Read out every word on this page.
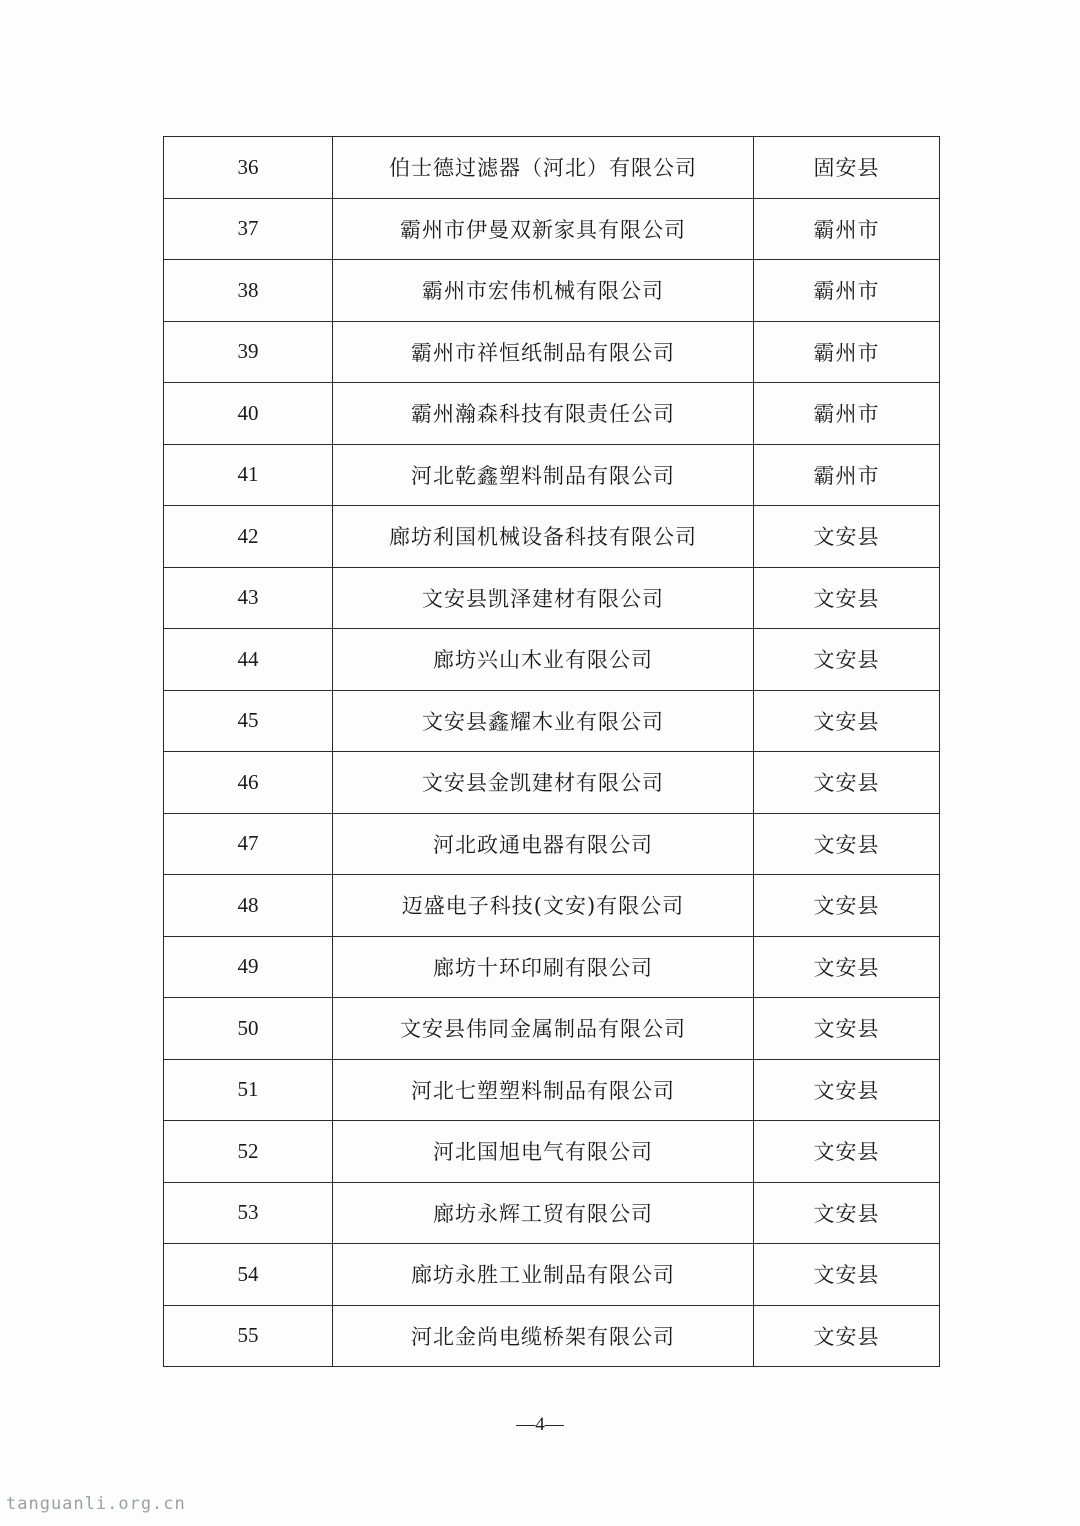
36	伯士德过滤器（河北）有限公司	固安县
37	霸州市伊曼双新家具有限公司	霸州市
38	霸州市宏伟机械有限公司	霸州市
39	霸州市祥恒纸制品有限公司	霸州市
40	霸州瀚森科技有限责任公司	霸州市
41	河北乾鑫塑料制品有限公司	霸州市
42	廊坊利国机械设备科技有限公司	文安县
43	文安县凯泽建材有限公司	文安县
44	廊坊兴山木业有限公司	文安县
45	文安县鑫耀木业有限公司	文安县
46	文安县金凯建材有限公司	文安县
47	河北政通电器有限公司	文安县
48	迈盛电子科技(文安)有限公司	文安县
49	廊坊十环印刷有限公司	文安县
50	文安县伟同金属制品有限公司	文安县
51	河北七塑塑料制品有限公司	文安县
52	河北国旭电气有限公司	文安县
53	廊坊永辉工贸有限公司	文安县
54	廊坊永胜工业制品有限公司	文安县
55	河北金尚电缆桥架有限公司	文安县
—4—
tanguanli.org.cn
